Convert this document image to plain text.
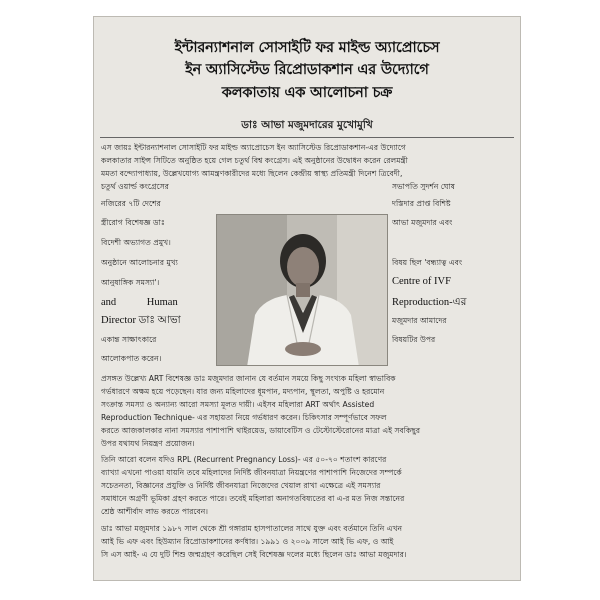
ইন্টারন্যাশনাল সোসাইটি ফর মাইল্ড অ্যাপ্রোচেস
ইন অ্যাসিস্টেড রিপ্রোডাকশান এর উদ্যোগে
কলকাতায় এক আলোচনা চক্র
ডাঃ আভা মজুমদারের মুখোমুখি
এস জায়ঃ ইন্টারন্যাশনাল সোসাইটি ফর মাইল্ড অ্যাপ্রোচেস ইন অ্যাসিস্টেড রিপ্রোডাকশান-এর উদ্যোগে
কলকাতার সাইন্স সিটিতে অনুষ্ঠিত হয়ে গেল চতুর্থ বিশ্ব কংগ্রেস। এই অনুষ্ঠানের উদ্বোধন করেন রেলমন্ত্রী
মমতা বন্দ্যোপাধ্যায়, উল্লেখযোগ্য আমন্ত্রণকারীদের মধ্যে ছিলেন কেন্দ্রীয় স্বাস্থ্য প্রতিমন্ত্রী দিনেশ ত্রিবেদী,
চতুর্থ ওয়ার্ল্ড কংগ্রেসের
নজিরের ৭টি দেশের
স্ত্রীরোগ বিশেষজ্ঞ ডাঃ
বিদেশী অভ্যাগত প্রমুখ।
অনুষ্ঠানে আলোচনার মুখ্য
আনুষাঙ্গিক সমস্যা'।
and Human
Director ডাঃ আভা
একান্ত সাক্ষাৎকারে
আলোকপাত করেন।
সভাপতি সুদর্শন ঘোষ
দস্তিদার প্রাপ্ত বিশিষ্ট
আভা মজুমদার এবং
বিষয় ছিল 'বন্ধ্যাত্ব এবং
Centre of IVF
Reproduction-এর
মজুমদার আমাদের
বিষয়টির উপর
প্রসঙ্গত উল্লেখ্য ART বিশেষজ্ঞ ডাঃ মজুমদার জানান যে বর্তমান সময়ে কিছু সংখ্যক মহিলা স্বাভাবিক
গর্ভধারণে অক্ষম হয়ে পড়েছেন। যার জন্য মহিলাদের ধূমপান, মদ্যপান, স্থূলতা, অপুষ্টি ও হরমোন
সংক্রান্ত সমস্যা ও অন্যান্য আরো সমস্যা মূলত দায়ী। এইসব মহিলারা ART অর্থাৎ Assisted
Reproduction Technique- এর সহায়তা নিয়ে গর্ভধারণ করেন। চিকিৎসার সম্পূর্ণভাবে সফল
করতে আজকালকার নানা সমস্যার পাশাপাশি থাইরয়েড, ডায়াবেটিস ও টেস্টোস্টেরোনের মাত্রা এই সবকিছুর
উপর যথাযথ নিয়ন্ত্রণ প্রয়োজন।
তিনি আরো বলেন যদিও RPL (Recurrent Pregnancy Loss)- এর ৫০-৭০ শতাংশ কারণের
ব্যাখ্যা এখনো পাওয়া যায়নি তবে মহিলাদের নির্দিষ্ট জীবনযাত্রা নিয়ন্ত্রণের পাশাপাশি নিজেদের সম্পর্কে
সচেতনতা, বিজ্ঞানের প্রযুক্তি ও নির্দিষ্ট জীবনযাত্রা নিজেদের খেয়াল রাখা এক্ষেত্রে এই সমস্যার
সমাধানে অগ্রণী ভূমিকা গ্রহণ করতে পারে। তবেই মহিলারা অনাগতবিষ্যতের বা এ-র মত নিজ সন্তানের
শ্রেষ্ঠ আশীর্বাদ লাভ করতে পারবেন।
ডাঃ আভা মজুমদার ১৯৮৭ সাল থেকে শ্রী গঙ্গারাম হাসপাতালের সাথে যুক্ত এবং বর্তমানে তিনি এখন
আই ভি এফ এবং হিউম্যান রিপ্রোডাকশানের কর্ণধার। ১৯৯১ ও ২০০৯ সালে আই ভি এফ, ও আই
সি এস আই- এ যে দুটি শিশু জন্মগ্রহণ করেছিল সেই বিশেষজ্ঞ দলের মধ্যে ছিলেন ডাঃ আভা মজুমদার।
